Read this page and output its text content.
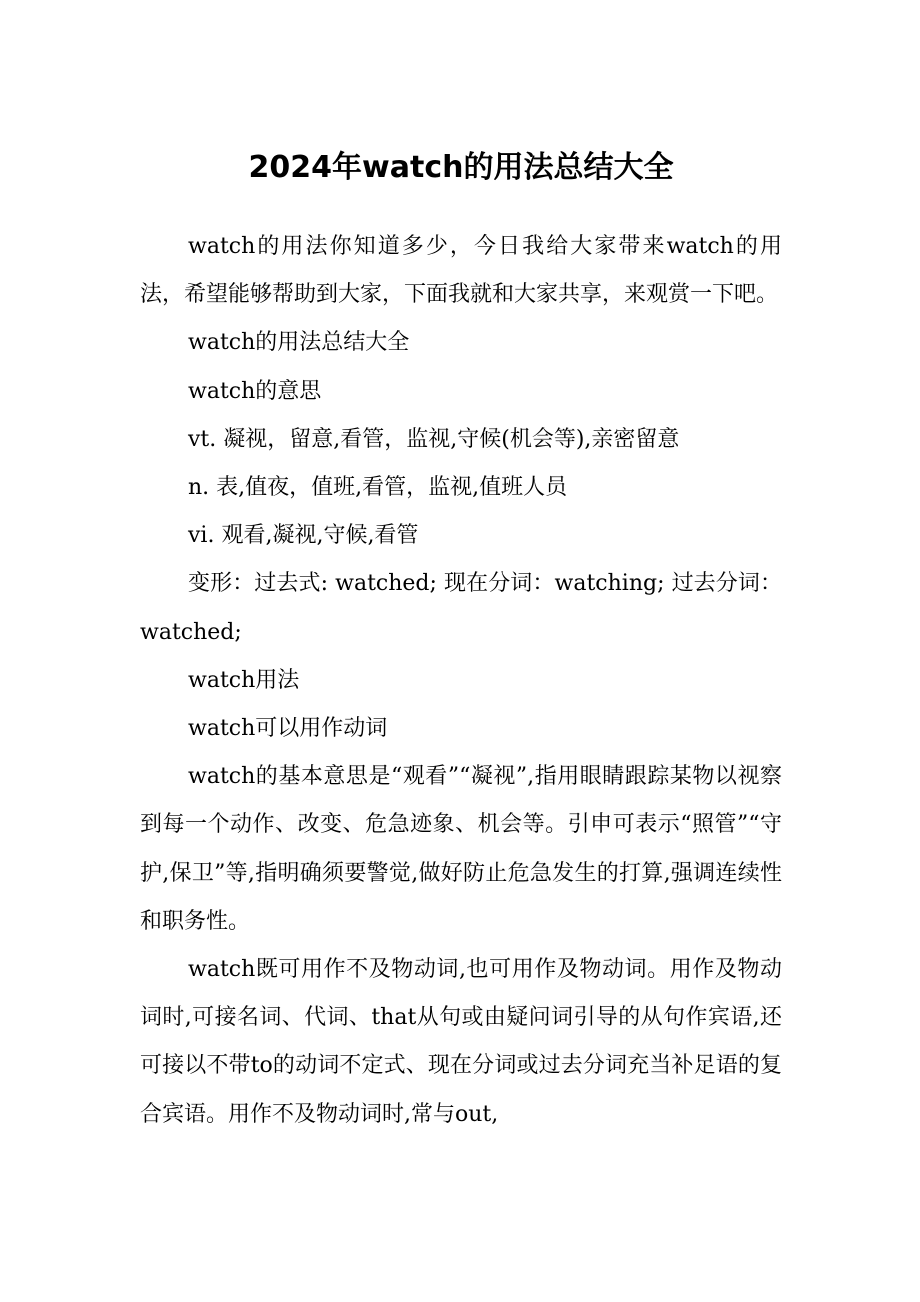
2024年watch的用法总结大全

watch的用法你知道多少，今日我给大家带来watch的用法，希望能够帮助到大家，下面我就和大家共享，来观赏一下吧。

watch的用法总结大全

watch的意思

vt. 凝视，留意,看管，监视,守候(机会等),亲密留意

n. 表,值夜，值班,看管，监视,值班人员

vi. 观看,凝视,守候,看管

变形：过去式: watched; 现在分词：watching; 过去分词：watched;

watch用法

watch可以用作动词

watch的基本意思是“观看”“凝视”,指用眼睛跟踪某物以视察到每一个动作、改变、危急迹象、机会等。引申可表示“照管”“守护,保卫”等,指明确须要警觉,做好防止危急发生的打算,强调连续性和职务性。

watch既可用作不及物动词,也可用作及物动词。用作及物动词时,可接名词、代词、that从句或由疑问词引导的从句作宾语,还可接以不带to的动词不定式、现在分词或过去分词充当补足语的复合宾语。用作不及物动词时,常与out,
